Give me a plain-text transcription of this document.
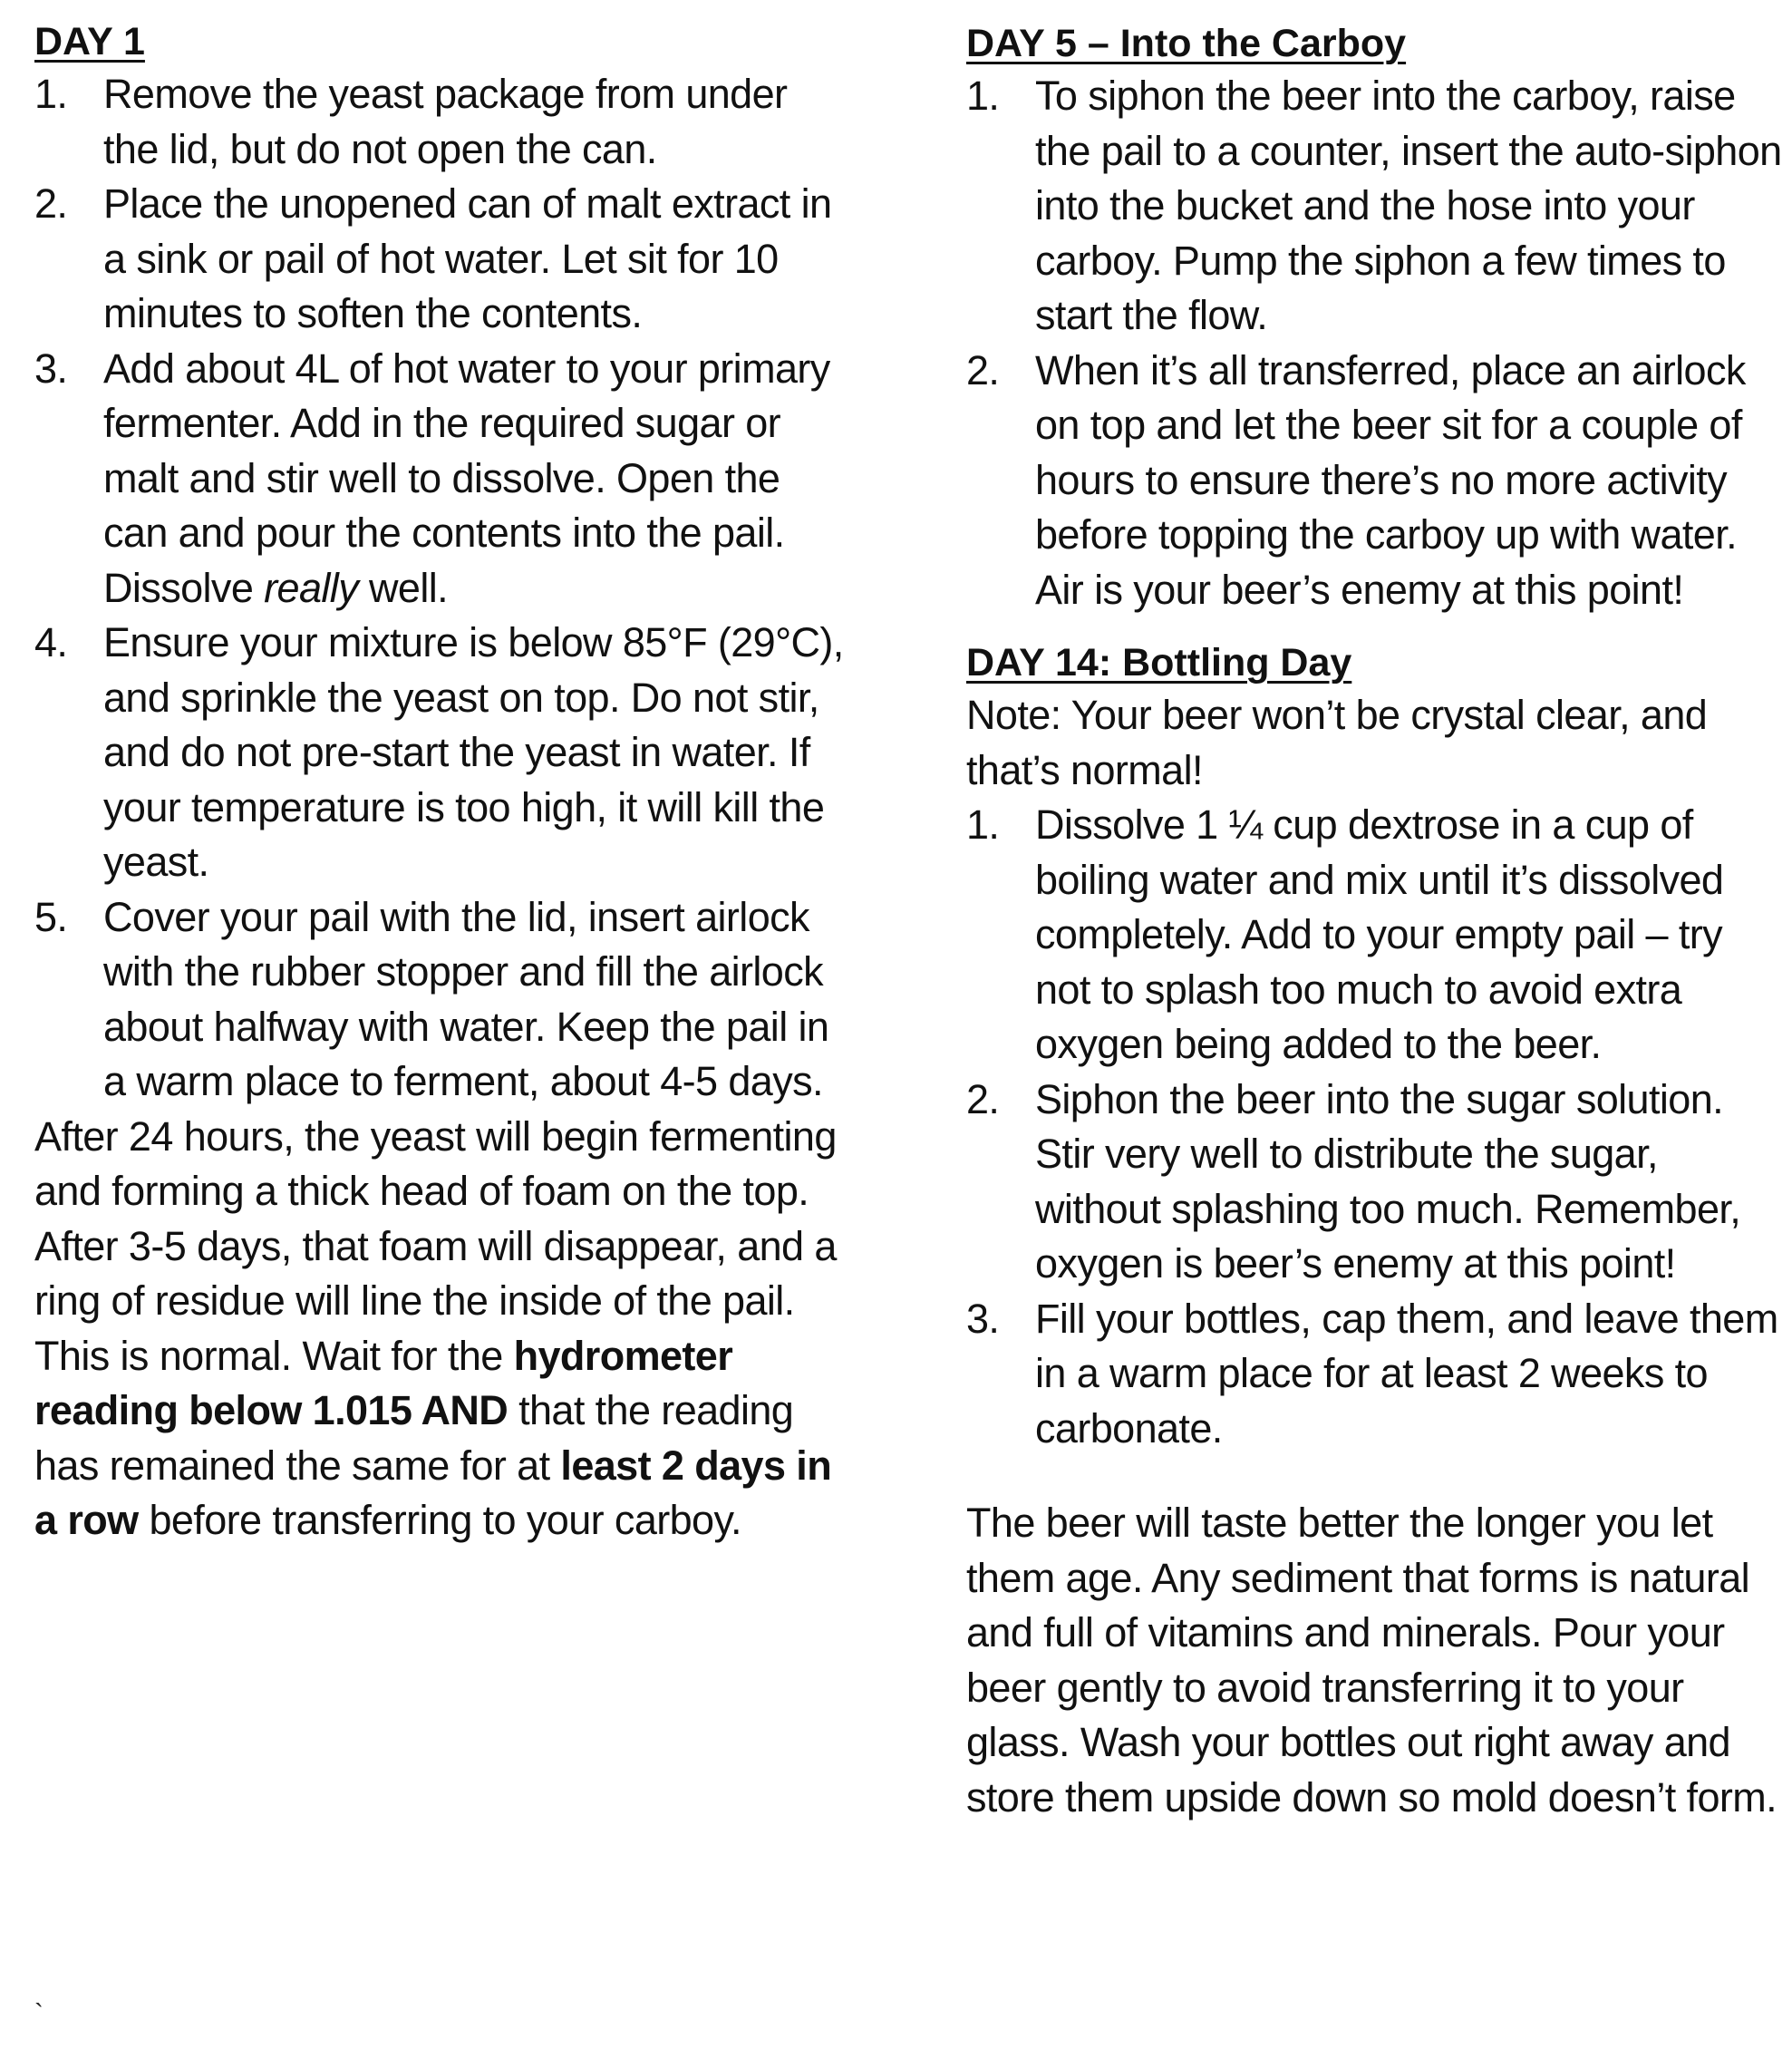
DAY 1
1. Remove the yeast package from under the lid, but do not open the can.
2. Place the unopened can of malt extract in a sink or pail of hot water. Let sit for 10 minutes to soften the contents.
3. Add about 4L of hot water to your primary fermenter. Add in the required sugar or malt and stir well to dissolve. Open the can and pour the contents into the pail. Dissolve really well.
4. Ensure your mixture is below 85°F (29°C), and sprinkle the yeast on top. Do not stir, and do not pre-start the yeast in water. If your temperature is too high, it will kill the yeast.
5. Cover your pail with the lid, insert airlock with the rubber stopper and fill the airlock about halfway with water. Keep the pail in a warm place to ferment, about 4-5 days.

After 24 hours, the yeast will begin fermenting and forming a thick head of foam on the top. After 3-5 days, that foam will disappear, and a ring of residue will line the inside of the pail. This is normal. Wait for the hydrometer reading below 1.015 AND that the reading has remained the same for at least 2 days in a row before transferring to your carboy.

`
DAY 5 – Into the Carboy
1. To siphon the beer into the carboy, raise the pail to a counter, insert the auto-siphon into the bucket and the hose into your carboy. Pump the siphon a few times to start the flow.
2. When it’s all transferred, place an airlock on top and let the beer sit for a couple of hours to ensure there’s no more activity before topping the carboy up with water. Air is your beer’s enemy at this point!
DAY 14: Bottling Day

Note: Your beer won’t be crystal clear, and that’s normal!

1. Dissolve 1 ¼ cup dextrose in a cup of boiling water and mix until it’s dissolved completely. Add to your empty pail – try not to splash too much to avoid extra oxygen being added to the beer.
2. Siphon the beer into the sugar solution. Stir very well to distribute the sugar, without splashing too much. Remember, oxygen is beer’s enemy at this point!
3. Fill your bottles, cap them, and leave them in a warm place for at least 2 weeks to carbonate.

The beer will taste better the longer you let them age. Any sediment that forms is natural and full of vitamins and minerals. Pour your beer gently to avoid transferring it to your glass. Wash your bottles out right away and store them upside down so mold doesn’t form.
